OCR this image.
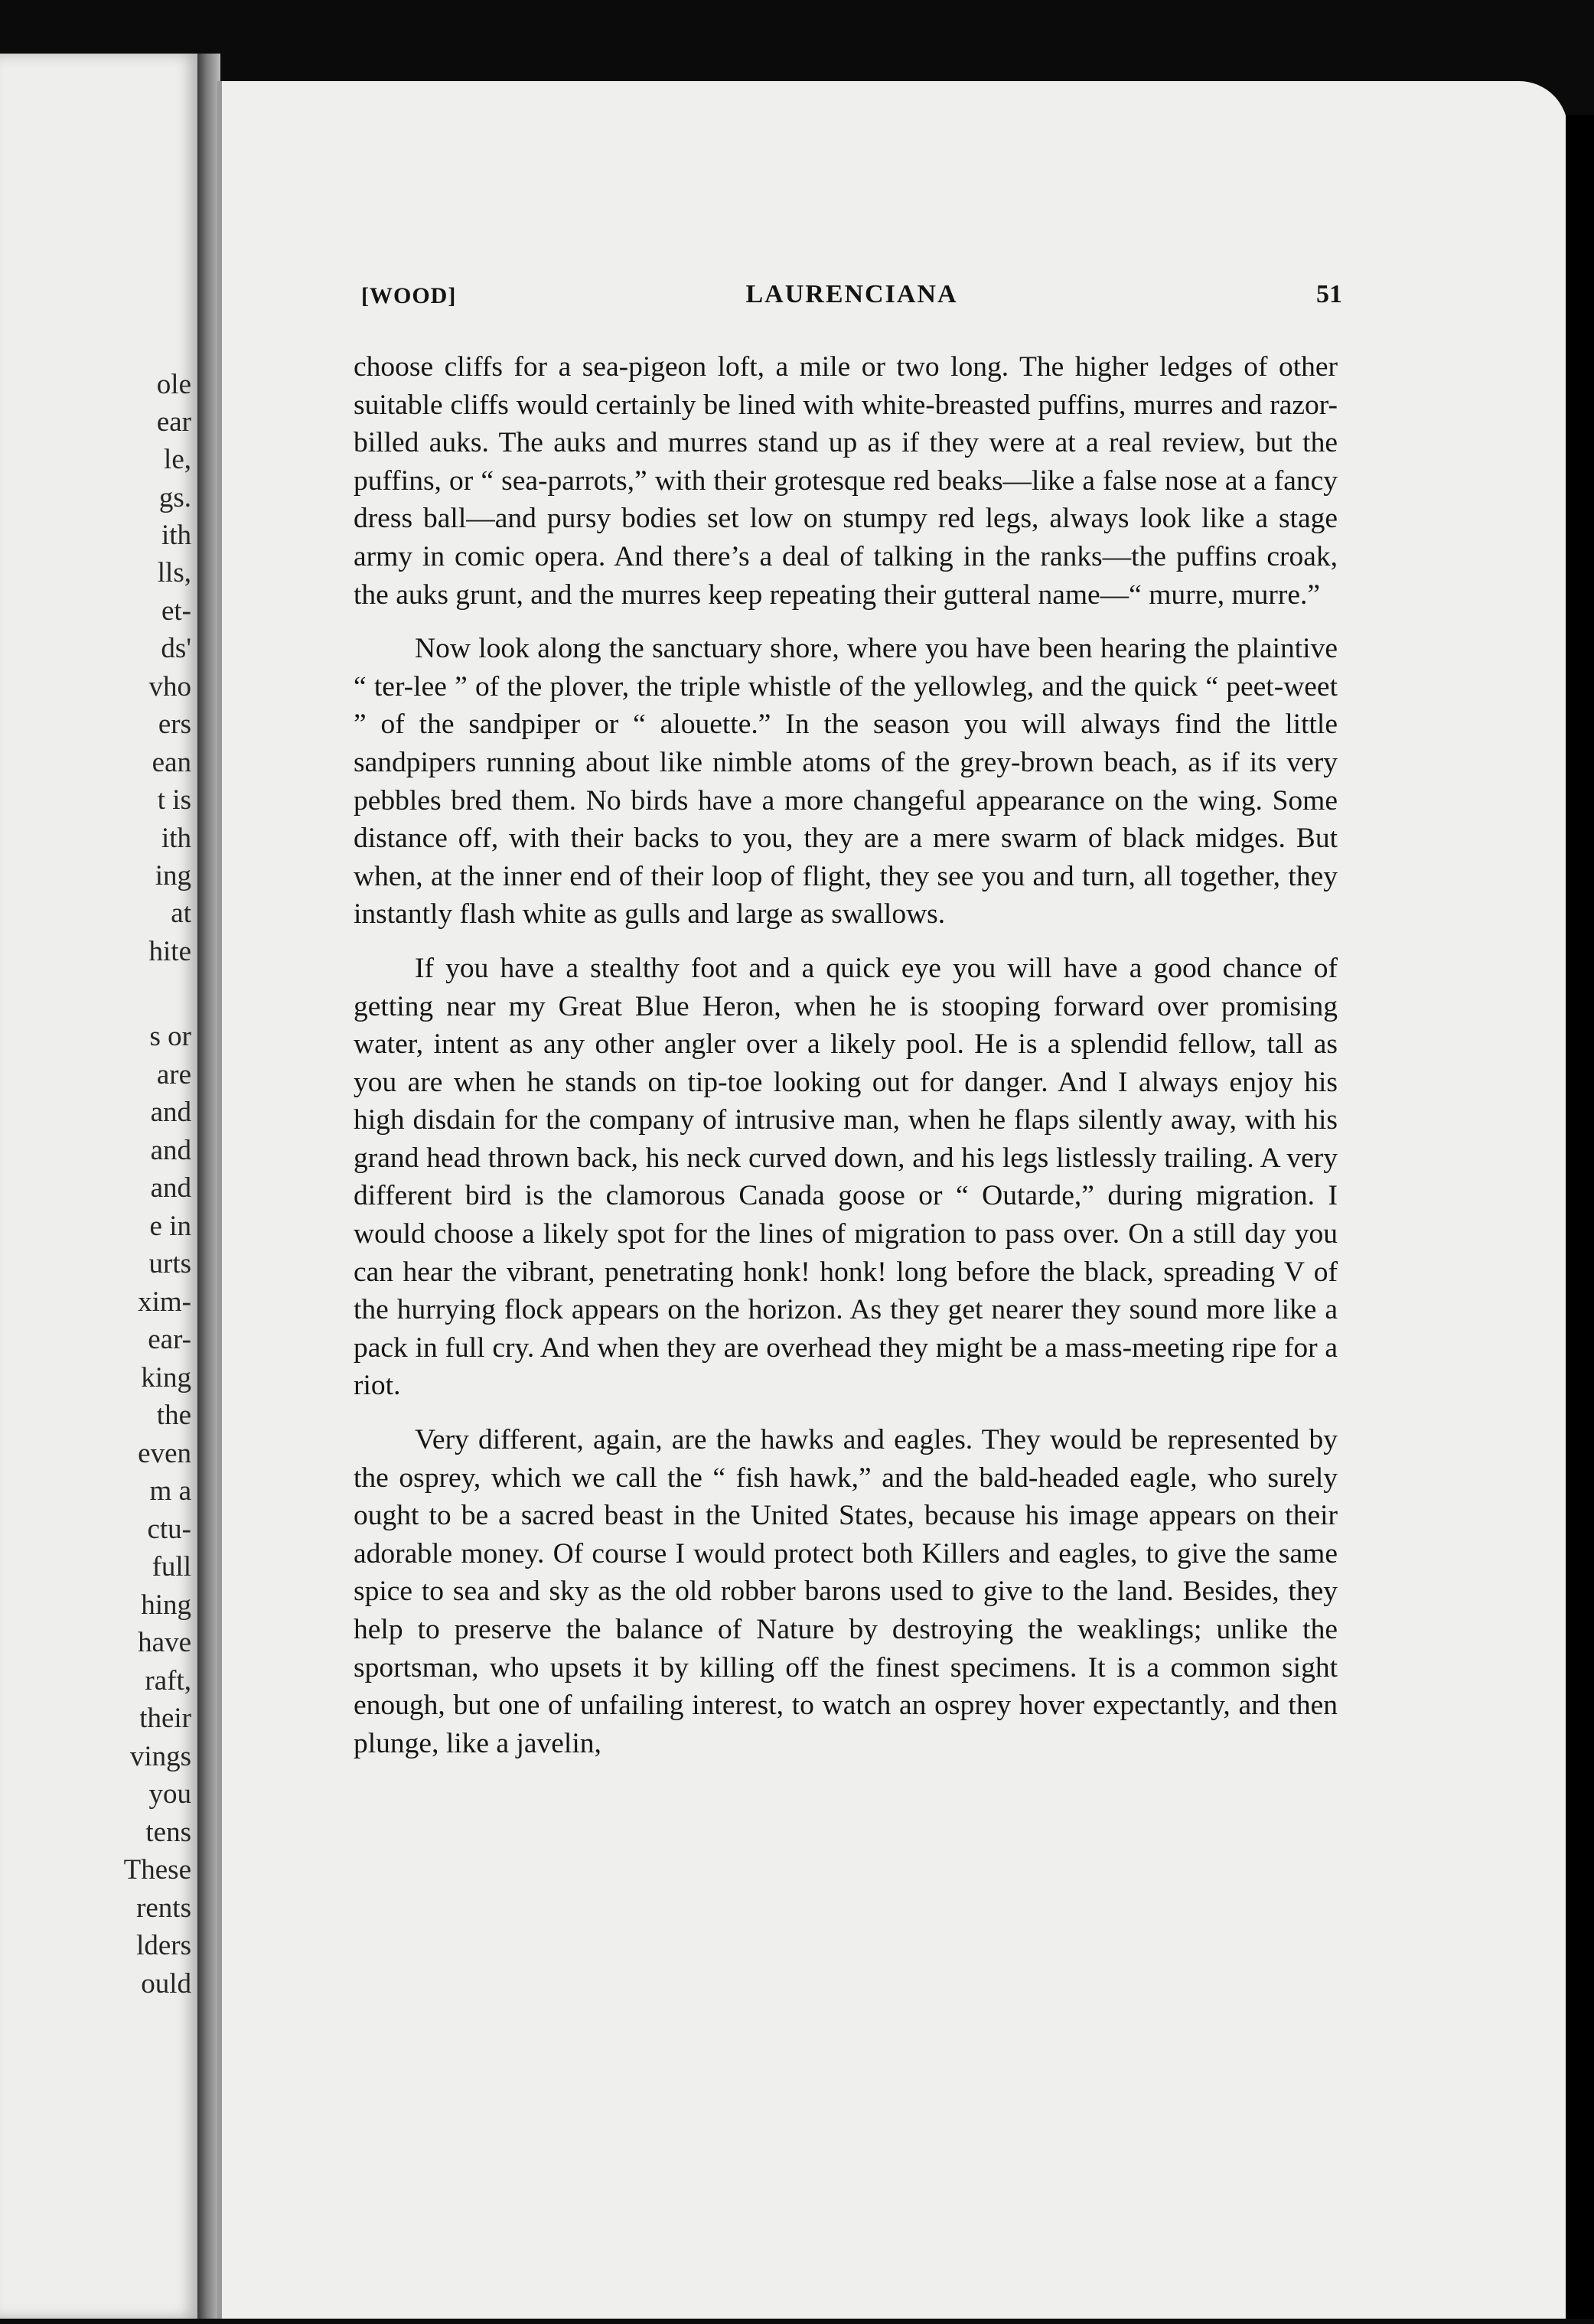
ole
ear
le,
gs.
ith
lls,
et-
ds'
vho
ers
ean
t is
ith
ing
at
hite
s or
are
and
and
and
e in
urts
xim-
ear-
king
the
even
m a
ctu-
full
hing
have
raft,
their
vings
you
tens
These
rents
lders
ould
[WOOD]	LAURENCIANA	51

choose cliffs for a sea-pigeon loft, a mile or two long. The higher ledges of other suitable cliffs would certainly be lined with white-breasted puffins, murres and razor-billed auks. The auks and murres stand up as if they were at a real review, but the puffins, or “ sea-parrots,” with their grotesque red beaks—like a false nose at a fancy dress ball—and pursy bodies set low on stumpy red legs, always look like a stage army in comic opera. And there’s a deal of talking in the ranks—the puffins croak, the auks grunt, and the murres keep repeating their gutteral name—“ murre, murre.”

Now look along the sanctuary shore, where you have been hearing the plaintive “ ter-lee ” of the plover, the triple whistle of the yellowleg, and the quick “ peet-weet ” of the sandpiper or “ alouette.” In the season you will always find the little sandpipers running about like nimble atoms of the grey-brown beach, as if its very pebbles bred them. No birds have a more changeful appearance on the wing. Some distance off, with their backs to you, they are a mere swarm of black midges. But when, at the inner end of their loop of flight, they see you and turn, all together, they instantly flash white as gulls and large as swallows.

If you have a stealthy foot and a quick eye you will have a good chance of getting near my Great Blue Heron, when he is stooping forward over promising water, intent as any other angler over a likely pool. He is a splendid fellow, tall as you are when he stands on tip-toe looking out for danger. And I always enjoy his high disdain for the company of intrusive man, when he flaps silently away, with his grand head thrown back, his neck curved down, and his legs listlessly trailing. A very different bird is the clamorous Canada goose or “ Outarde,” during migration. I would choose a likely spot for the lines of migration to pass over. On a still day you can hear the vibrant, penetrating honk! honk! long before the black, spreading V of the hurrying flock appears on the horizon. As they get nearer they sound more like a pack in full cry. And when they are overhead they might be a mass-meeting ripe for a riot.

Very different, again, are the hawks and eagles. They would be represented by the osprey, which we call the “ fish hawk,” and the bald-headed eagle, who surely ought to be a sacred beast in the United States, because his image appears on their adorable money. Of course I would protect both Killers and eagles, to give the same spice to sea and sky as the old robber barons used to give to the land. Besides, they help to preserve the balance of Nature by destroying the weaklings; unlike the sportsman, who upsets it by killing off the finest specimens. It is a common sight enough, but one of unfailing interest, to watch an osprey hover expectantly, and then plunge, like a javelin,
